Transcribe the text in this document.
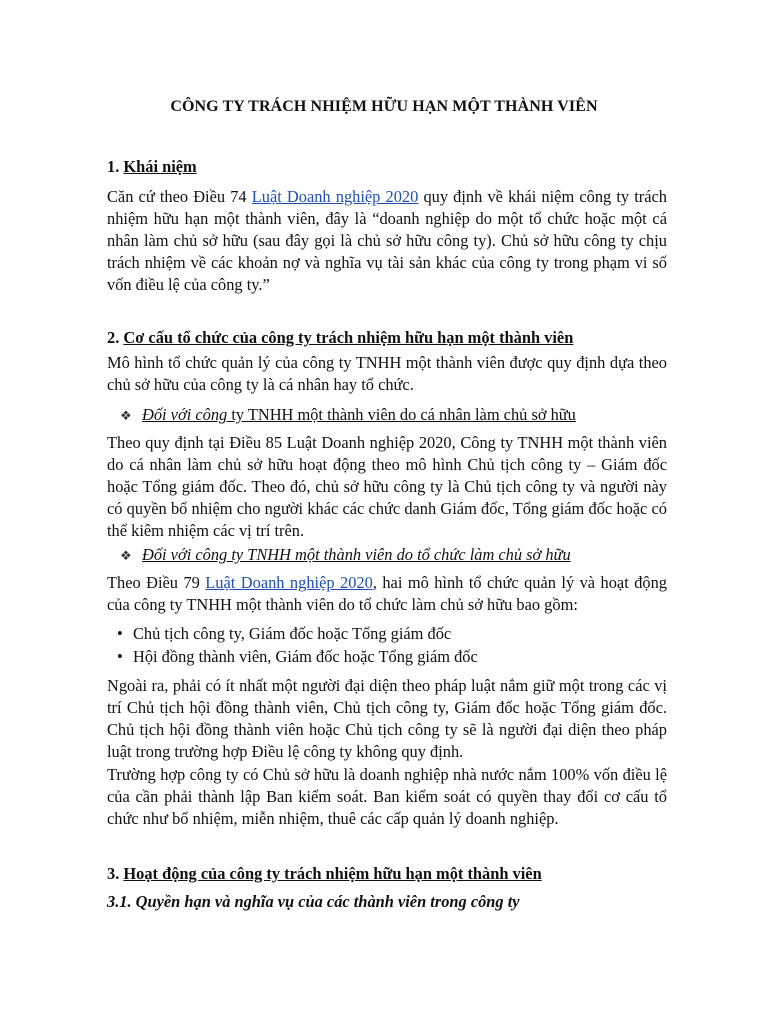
CÔNG TY TRÁCH NHIỆM HỮU HẠN MỘT THÀNH VIÊN
1. Khái niệm
Căn cứ theo Điều 74 Luật Doanh nghiệp 2020 quy định về khái niệm công ty trách nhiệm hữu hạn một thành viên, đây là “doanh nghiệp do một tổ chức hoặc một cá nhân làm chủ sở hữu (sau đây gọi là chủ sở hữu công ty). Chủ sở hữu công ty chịu trách nhiệm về các khoản nợ và nghĩa vụ tài sản khác của công ty trong phạm vi số vốn điều lệ của công ty.”
2. Cơ cấu tổ chức của công ty trách nhiệm hữu hạn một thành viên
Mô hình tổ chức quản lý của công ty TNHH một thành viên được quy định dựa theo chủ sở hữu của công ty là cá nhân hay tổ chức.
❖ Đối với công ty TNHH một thành viên do cá nhân làm chủ sở hữu
Theo quy định tại Điều 85 Luật Doanh nghiệp 2020, Công ty TNHH một thành viên do cá nhân làm chủ sở hữu hoạt động theo mô hình Chủ tịch công ty – Giám đốc hoặc Tổng giám đốc. Theo đó, chủ sở hữu công ty là Chủ tịch công ty và người này có quyền bổ nhiệm cho người khác các chức danh Giám đốc, Tổng giám đốc hoặc có thể kiêm nhiệm các vị trí trên.
❖ Đối với công ty TNHH một thành viên do tổ chức làm chủ sở hữu
Theo Điều 79 Luật Doanh nghiệp 2020, hai mô hình tổ chức quản lý và hoạt động của công ty TNHH một thành viên do tổ chức làm chủ sở hữu bao gồm:
• Chủ tịch công ty, Giám đốc hoặc Tổng giám đốc
• Hội đồng thành viên, Giám đốc hoặc Tổng giám đốc
Ngoài ra, phải có ít nhất một người đại diện theo pháp luật nắm giữ một trong các vị trí Chủ tịch hội đồng thành viên, Chủ tịch công ty, Giám đốc hoặc Tổng giám đốc. Chủ tịch hội đồng thành viên hoặc Chủ tịch công ty sẽ là người đại diện theo pháp luật trong trường hợp Điều lệ công ty không quy định.
Trường hợp công ty có Chủ sở hữu là doanh nghiệp nhà nước nắm 100% vốn điều lệ của cần phải thành lập Ban kiểm soát. Ban kiểm soát có quyền thay đổi cơ cấu tổ chức như bổ nhiệm, miễn nhiệm, thuê các cấp quản lý doanh nghiệp.
3. Hoạt động của công ty trách nhiệm hữu hạn một thành viên
3.1. Quyền hạn và nghĩa vụ của các thành viên trong công ty
